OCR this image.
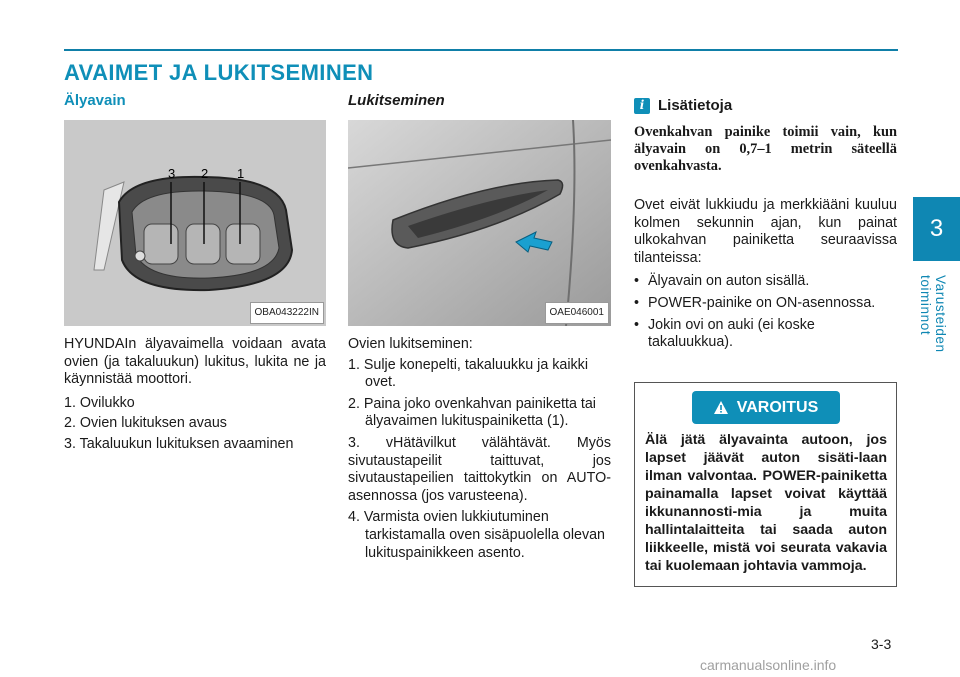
AVAIMET JA LUKITSEMINEN
3
Varusteiden toiminnot
Älyavain
3 2 1
OBA043222IN

HYUNDAIn älyavaimella voidaan avata ovien (ja takaluukun) lukitus, lukita ne ja käynnistää moottori.

1. Ovilukko
2. Ovien lukituksen avaus
3. Takaluukun lukituksen avaaminen
Lukitseminen
OAE046001

Ovien lukitseminen:

1. Sulje konepelti, takaluukku ja kaikki ovet.
2. Paina joko ovenkahvan painiketta tai älyavaimen lukituspainiketta (1).
3. vHätävilkut välähtävät. Myös sivutaustapeilit taittuvat, jos sivutaustapeilien taittokytkin on AUTO-asennossa (jos varusteena).
4. Varmista ovien lukkiutuminen tarkistamalla oven sisäpuolella olevan lukituspainikkeen asento.
i Lisätietoja

Ovenkahvan painike toimii vain, kun älyavain on 0,7–1 metrin säteellä ovenkahvasta.

Ovet eivät lukkiudu ja merkkiääni kuuluu kolmen sekunnin ajan, kun painat ulkokahvan painiketta seuraavissa tilanteissa:

• Älyavain on auton sisällä.
• POWER-painike on ON-asennossa.
• Jokin ovi on auki (ei koske takaluukkua).
VAROITUS

Älä jätä älyavainta autoon, jos lapset jäävät auton sisäti-laan ilman valvontaa. POWER-painiketta painamalla lapset voivat käyttää ikkunannosti-mia ja muita hallintalaitteita tai saada auton liikkeelle, mistä voi seurata vakavia tai kuolemaan johtavia vammoja.

3-3
carmanualsonline.info
